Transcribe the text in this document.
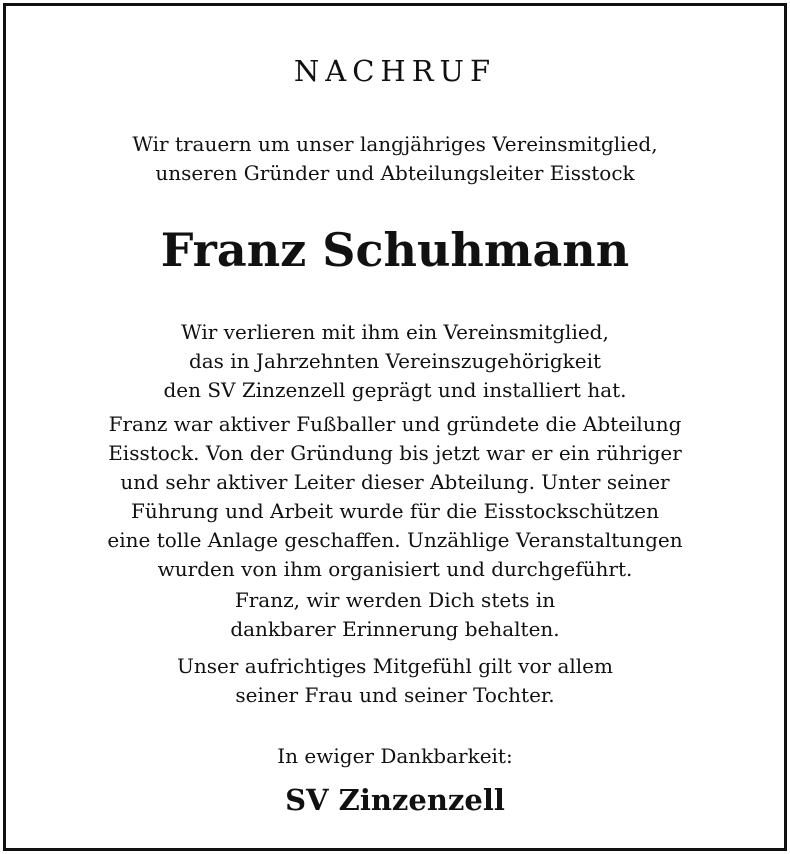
NACHRUF
Wir trauern um unser langjähriges Vereinsmitglied,
unseren Gründer und Abteilungsleiter Eisstock
Franz Schuhmann
Wir verlieren mit ihm ein Vereinsmitglied,
das in Jahrzehnten Vereinszugehörigkeit
den SV Zinzenzell geprägt und installiert hat.
Franz war aktiver Fußballer und gründete die Abteilung
Eisstock. Von der Gründung bis jetzt war er ein rühriger
und sehr aktiver Leiter dieser Abteilung. Unter seiner
Führung und Arbeit wurde für die Eisstockschützen
eine tolle Anlage geschaffen. Unzählige Veranstaltungen
wurden von ihm organisiert und durchgeführt.
Franz, wir werden Dich stets in
dankbarer Erinnerung behalten.
Unser aufrichtiges Mitgefühl gilt vor allem
seiner Frau und seiner Tochter.
In ewiger Dankbarkeit:
SV Zinzenzell
